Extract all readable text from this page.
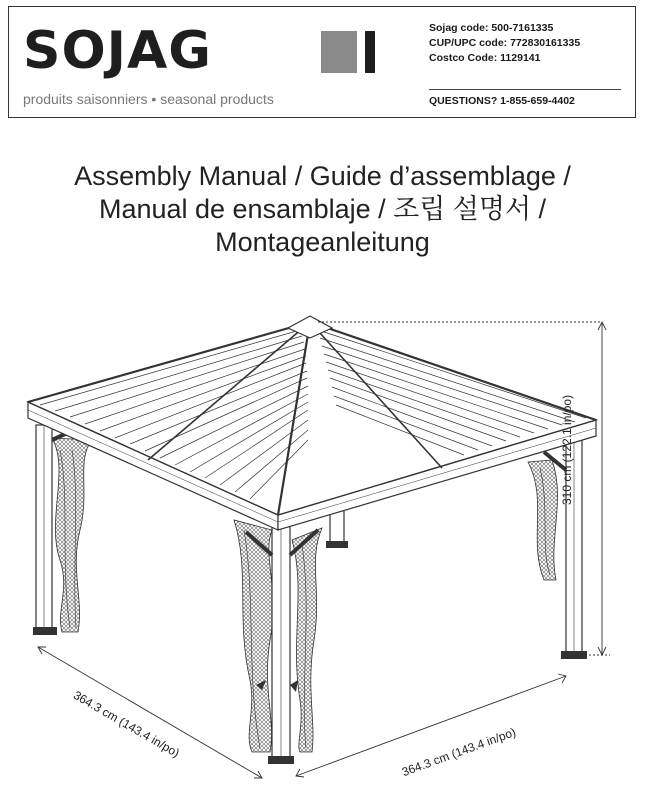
SOJAG
produits saisonniers • seasonal products
Sojag code: 500-7161335
CUP/UPC code: 772830161335
Costco Code: 1129141
QUESTIONS? 1-855-659-4402
Assembly Manual / Guide d’assemblage /
Manual de ensamblaje / 조립 설명서 /
Montageanleitung
310 cm (122.1 in/po)
364.3 cm (143.4 in/po)	364.3 cm (143.4 in/po)
